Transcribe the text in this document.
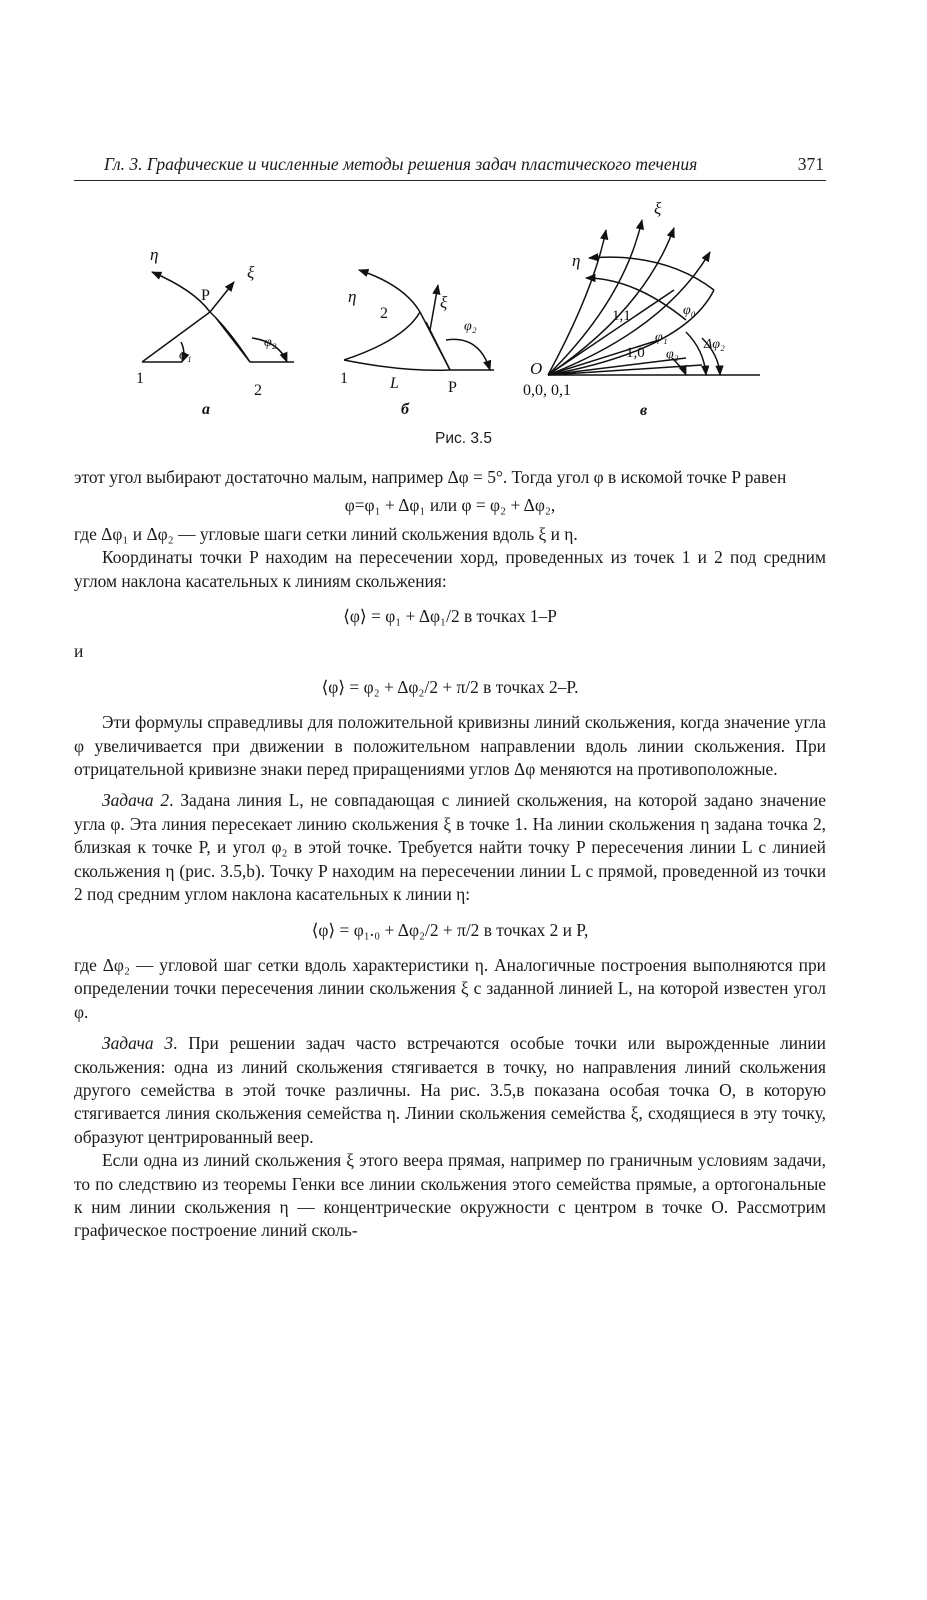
Гл. 3. Графические и численные методы решения задач пластического течения	371
η
ξ
P
φ₁
φ₂
1
2
а
η	ξ
2
φ₂
1	L	P
б
ξ
η
1,1	φ₀
φ₁	Δφ₂
1,0 φ₂
O
0,0, 0,1
в
Рис. 3.5

этот угол выбирают достаточно малым, например Δφ = 5°. Тогда угол φ в искомой точке P равен

φ=φ₁ + Δφ₁ или φ = φ₂ + Δφ₂,

где Δφ₁ и Δφ₂ — угловые шаги сетки линий скольжения вдоль ξ и η.

Координаты точки P находим на пересечении хорд, проведенных из точек 1 и 2 под средним углом наклона касательных к линиям скольжения:

⟨φ⟩ = φ₁ + Δφ₁/2 в точках 1–P

и

⟨φ⟩ = φ₂ + Δφ₂/2 + π/2 в точках 2–P.

Эти формулы справедливы для положительной кривизны линий скольжения, когда значение угла φ увеличивается при движении в положительном направлении вдоль линии скольжения. При отрицательной кривизне знаки перед приращениями углов Δφ меняются на противоположные.

Задача 2. Задана линия L, не совпадающая с линией скольжения, на которой задано значение угла φ. Эта линия пересекает линию скольжения ξ в точке 1. На линии скольжения η задана точка 2, близкая к точке P, и угол φ₂ в этой точке. Требуется найти точку P пересечения линии L с линией скольжения η (рис. 3.5,b). Точку P находим на пересечении линии L с прямой, проведенной из точки 2 под средним углом наклона касательных к линии η:

⟨φ⟩ = φ₁.₀ + Δφ₂/2 + π/2 в точках 2 и P,

где Δφ₂ — угловой шаг сетки вдоль характеристики η. Аналогичные построения выполняются при определении точки пересечения линии скольжения ξ с заданной линией L, на которой известен угол φ.

Задача 3. При решении задач часто встречаются особые точки или вырожденные линии скольжения: одна из линий скольжения стягивается в точку, но направления линий скольжения другого семейства в этой точке различны. На рис. 3.5,в показана особая точка O, в которую стягивается линия скольжения семейства η. Линии скольжения семейства ξ, сходящиеся в эту точку, образуют центрированный веер.

Если одна из линий скольжения ξ этого веера прямая, например по граничным условиям задачи, то по следствию из теоремы Генки все линии скольжения этого семейства прямые, а ортогональные к ним линии скольжения η — концентрические окружности с центром в точке O. Рассмотрим графическое построение линий сколь-
